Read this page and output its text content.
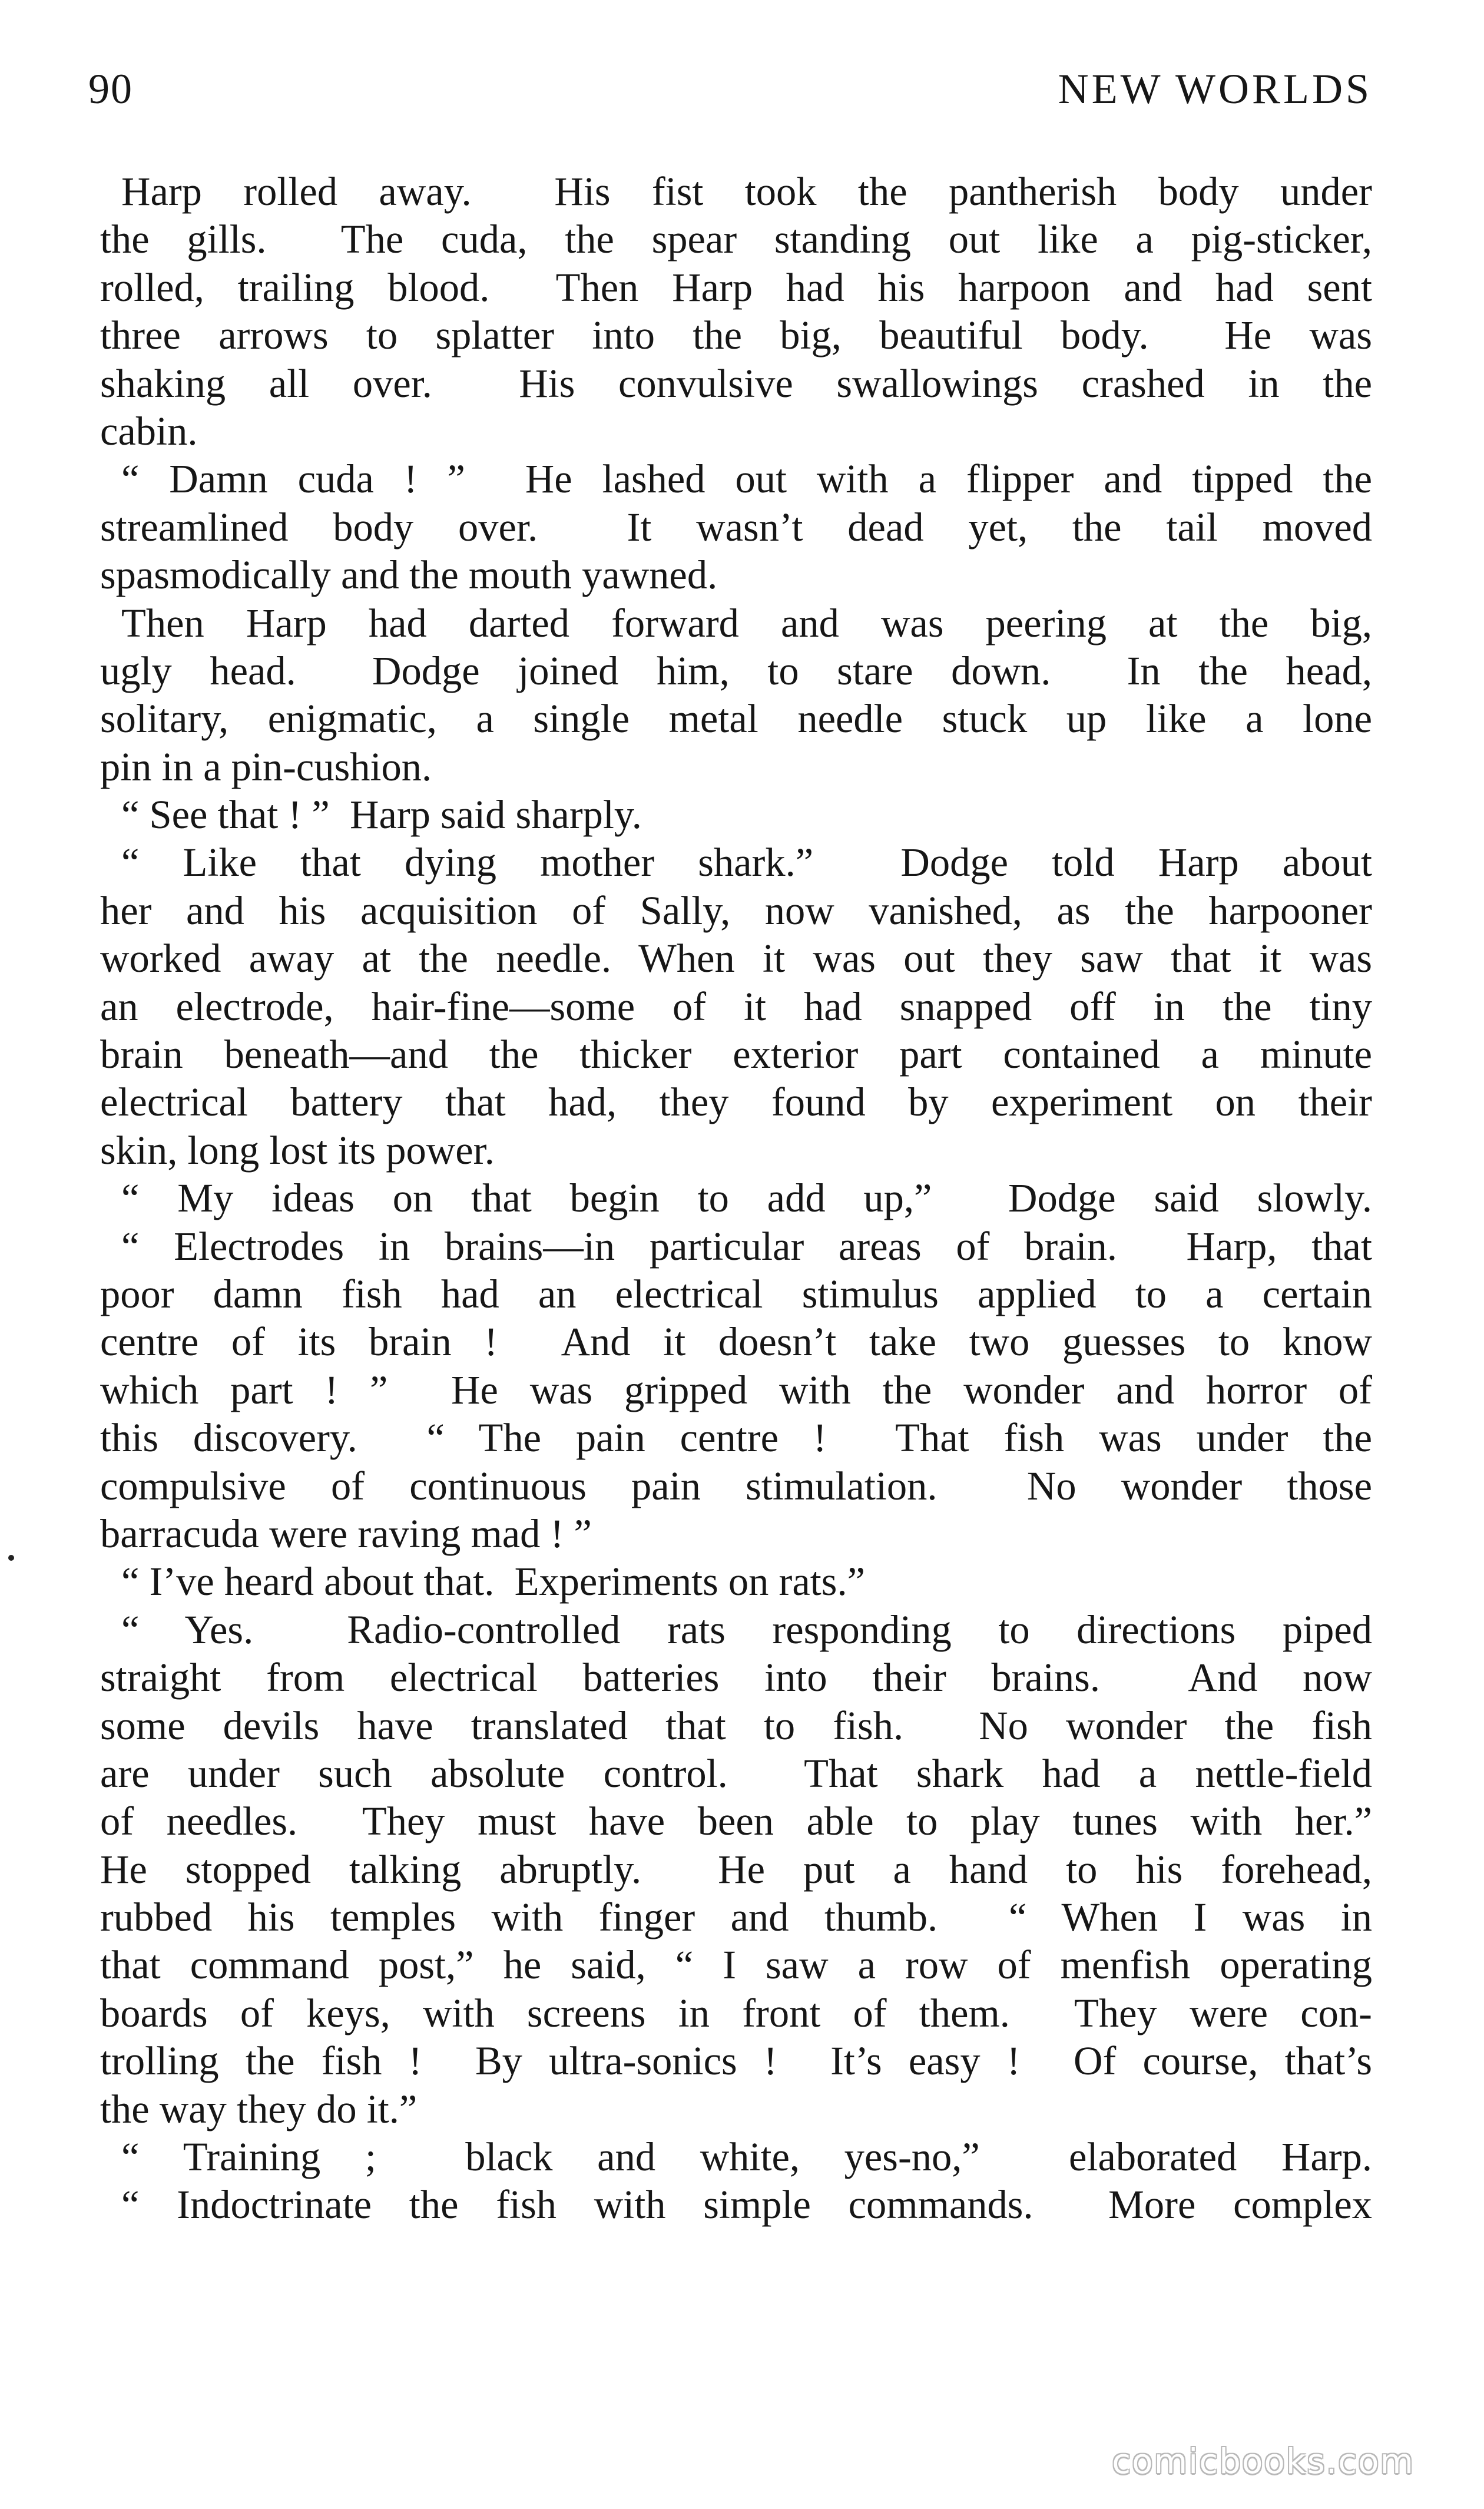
90	NEW WORLDS
Harp rolled away.  His fist took the pantherish body under
the gills.  The cuda, the spear standing out like a pig-sticker,
rolled, trailing blood.  Then Harp had his harpoon and had sent
three arrows to splatter into the big, beautiful body.  He was
shaking all over.  His convulsive swallowings crashed in the
cabin.
“ Damn cuda ! ”  He lashed out with a flipper and tipped the
streamlined body over.  It wasn’t dead yet, the tail moved
spasmodically and the mouth yawned.
Then Harp had darted forward and was peering at the big,
ugly head.  Dodge joined him, to stare down.  In the head,
solitary, enigmatic, a single metal needle stuck up like a lone
pin in a pin-cushion.
“ See that ! ”  Harp said sharply.
“ Like that dying mother shark.”  Dodge told Harp about
her and his acquisition of Sally, now vanished, as the harpooner
worked away at the needle. When it was out they saw that it was
an electrode, hair-fine—some of it had snapped off in the tiny
brain beneath—and the thicker exterior part contained a minute
electrical battery that had, they found by experiment on their
skin, long lost its power.
“ My ideas on that begin to add up,”  Dodge said slowly.
“ Electrodes in brains—in particular areas of brain.  Harp, that
poor damn fish had an electrical stimulus applied to a certain
centre of its brain !  And it doesn’t take two guesses to know
which part ! ”  He was gripped with the wonder and horror of
this discovery.  “ The pain centre !  That fish was under the
compulsive of continuous pain stimulation.  No wonder those
barracuda were raving mad ! ”
“ I’ve heard about that.  Experiments on rats.”
“ Yes.  Radio-controlled rats responding to directions piped
straight from electrical batteries into their brains.  And now
some devils have translated that to fish.  No wonder the fish
are under such absolute control.  That shark had a nettle-field
of needles.  They must have been able to play tunes with her.”
He stopped talking abruptly.  He put a hand to his forehead,
rubbed his temples with finger and thumb.  “ When I was in
that command post,” he said, “ I saw a row of menfish operating
boards of keys, with screens in front of them.  They were con-
trolling the fish !  By ultra-sonics !  It’s easy !  Of course, that’s
the way they do it.”
“ Training ;  black and white, yes-no,”  elaborated Harp.
“ Indoctrinate the fish with simple commands.  More complex
comicbooks.com
